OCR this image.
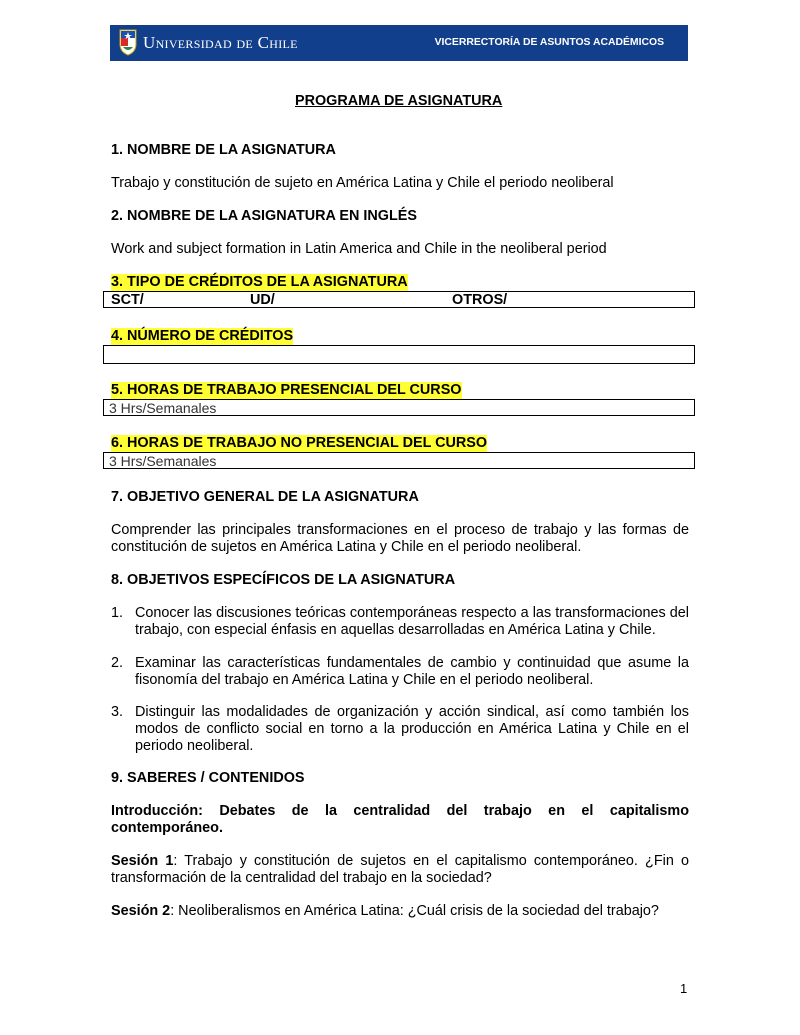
Universidad de Chile	VICERRECTORÍA DE ASUNTOS ACADÉMICOS
PROGRAMA DE ASIGNATURA
1. NOMBRE DE LA ASIGNATURA
Trabajo y constitución de sujeto en América Latina y Chile el periodo neoliberal
2. NOMBRE DE LA ASIGNATURA EN INGLÉS
Work and subject formation in Latin America and Chile in the neoliberal period
3. TIPO DE CRÉDITOS DE LA ASIGNATURA
SCT/	UD/	OTROS/
4. NÚMERO DE CRÉDITOS
5. HORAS DE TRABAJO PRESENCIAL DEL CURSO
3 Hrs/Semanales
6. HORAS DE TRABAJO NO PRESENCIAL DEL CURSO
3 Hrs/Semanales
7. OBJETIVO GENERAL DE LA ASIGNATURA
Comprender las principales transformaciones en el proceso de trabajo y las formas de constitución de sujetos en América Latina y Chile en el periodo neoliberal.
8. OBJETIVOS ESPECÍFICOS DE LA ASIGNATURA
1. Conocer las discusiones teóricas contemporáneas respecto a las transformaciones del trabajo, con especial énfasis en aquellas desarrolladas en América Latina y Chile.
2. Examinar las características fundamentales de cambio y continuidad que asume la fisonomía del trabajo en América Latina y Chile en el periodo neoliberal.
3. Distinguir las modalidades de organización y acción sindical, así como también los modos de conflicto social en torno a la producción en América Latina y Chile en el periodo neoliberal.
9. SABERES / CONTENIDOS
Introducción: Debates de la centralidad del trabajo en el capitalismo contemporáneo.
Sesión 1: Trabajo y constitución de sujetos en el capitalismo contemporáneo. ¿Fin o transformación de la centralidad del trabajo en la sociedad?
Sesión 2: Neoliberalismos en América Latina: ¿Cuál crisis de la sociedad del trabajo?
1
